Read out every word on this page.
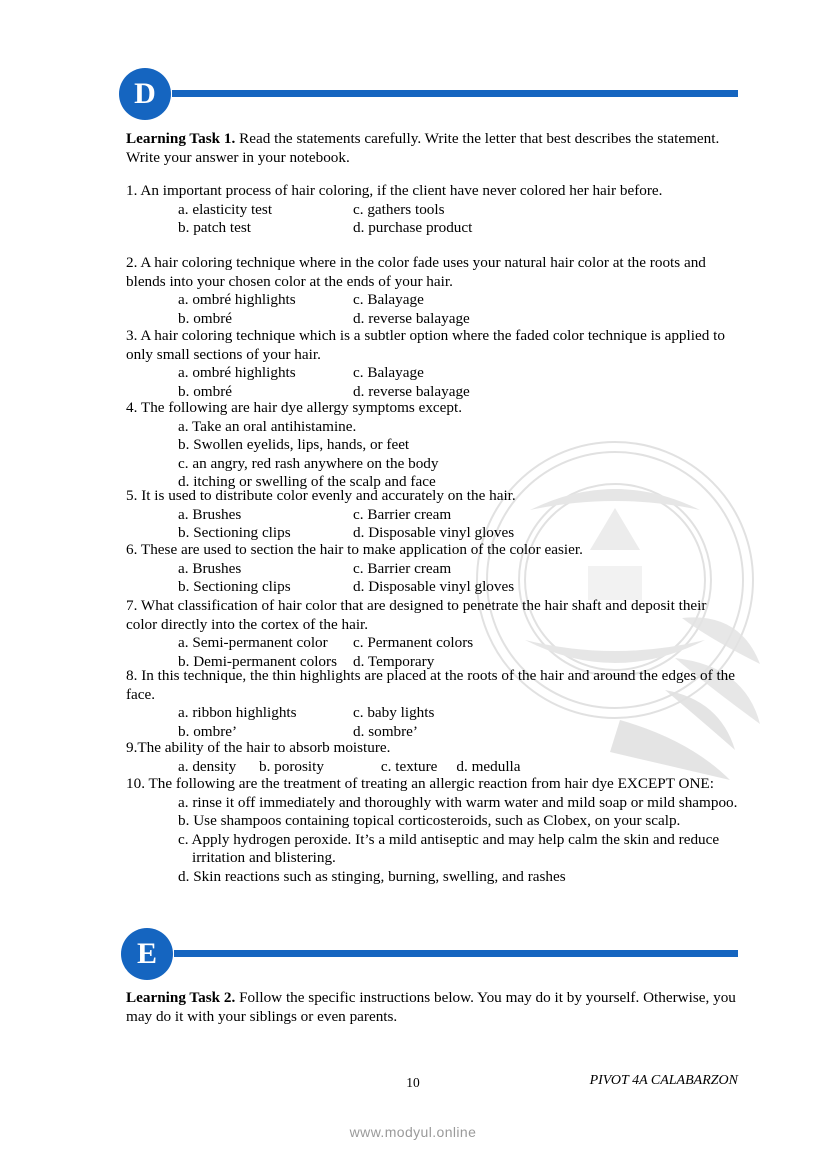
D

Learning Task 1. Read the statements carefully. Write the letter that best describes the statement. Write your answer in your notebook.

1. An important process of hair coloring, if the client have never colored her hair before.

a. elasticity test	c. gathers tools
b. patch test	d. purchase product

2. A hair coloring technique where in the color fade uses your natural hair color at the roots and blends into your chosen color at the ends of your hair.

a. ombré highlights	c. Balayage
b. ombré	d. reverse balayage

3. A hair coloring technique which is a subtler option where the faded color technique is applied to only small sections of your hair.

a. ombré highlights	c. Balayage
b. ombré	d. reverse balayage

4. The following are hair dye allergy symptoms except.

a. Take an oral antihistamine.
b. Swollen eyelids, lips, hands, or feet
c. an angry, red rash anywhere on the body
d. itching or swelling of the scalp and face

5. It is used to distribute color evenly and accurately on the hair.

a. Brushes	c. Barrier cream
b. Sectioning clips	d. Disposable vinyl gloves

6. These are used to section the hair to make application of the color easier.

a. Brushes	c. Barrier cream
b. Sectioning clips	d. Disposable vinyl gloves

7. What classification of hair color that are designed to penetrate the hair shaft and deposit their color directly into the cortex of the hair.

a. Semi-permanent color	c. Permanent colors
b. Demi-permanent colors	d. Temporary

8. In this technique, the thin highlights are placed at the roots of the hair and around the edges of the face.

a. ribbon highlights	c. baby lights
b. ombre’	d. sombre’

9.The ability of the hair to absorb moisture.

a. density      b. porosity               c. texture     d. medulla

10. The following are the treatment of treating an allergic reaction from hair dye EXCEPT ONE:

a. rinse it off immediately and thoroughly with warm water and mild soap or mild shampoo.
b. Use shampoos containing topical corticosteroids, such as Clobex, on your scalp.
c. Apply hydrogen peroxide. It’s a mild antiseptic and may help calm the skin and reduce irritation and blistering.
d. Skin reactions such as stinging, burning, swelling, and rashes
E

Learning Task 2. Follow the specific instructions below. You may do it by yourself. Otherwise, you may do it with your siblings or even parents.

10	PIVOT 4A CALABARZON
www.modyul.online
